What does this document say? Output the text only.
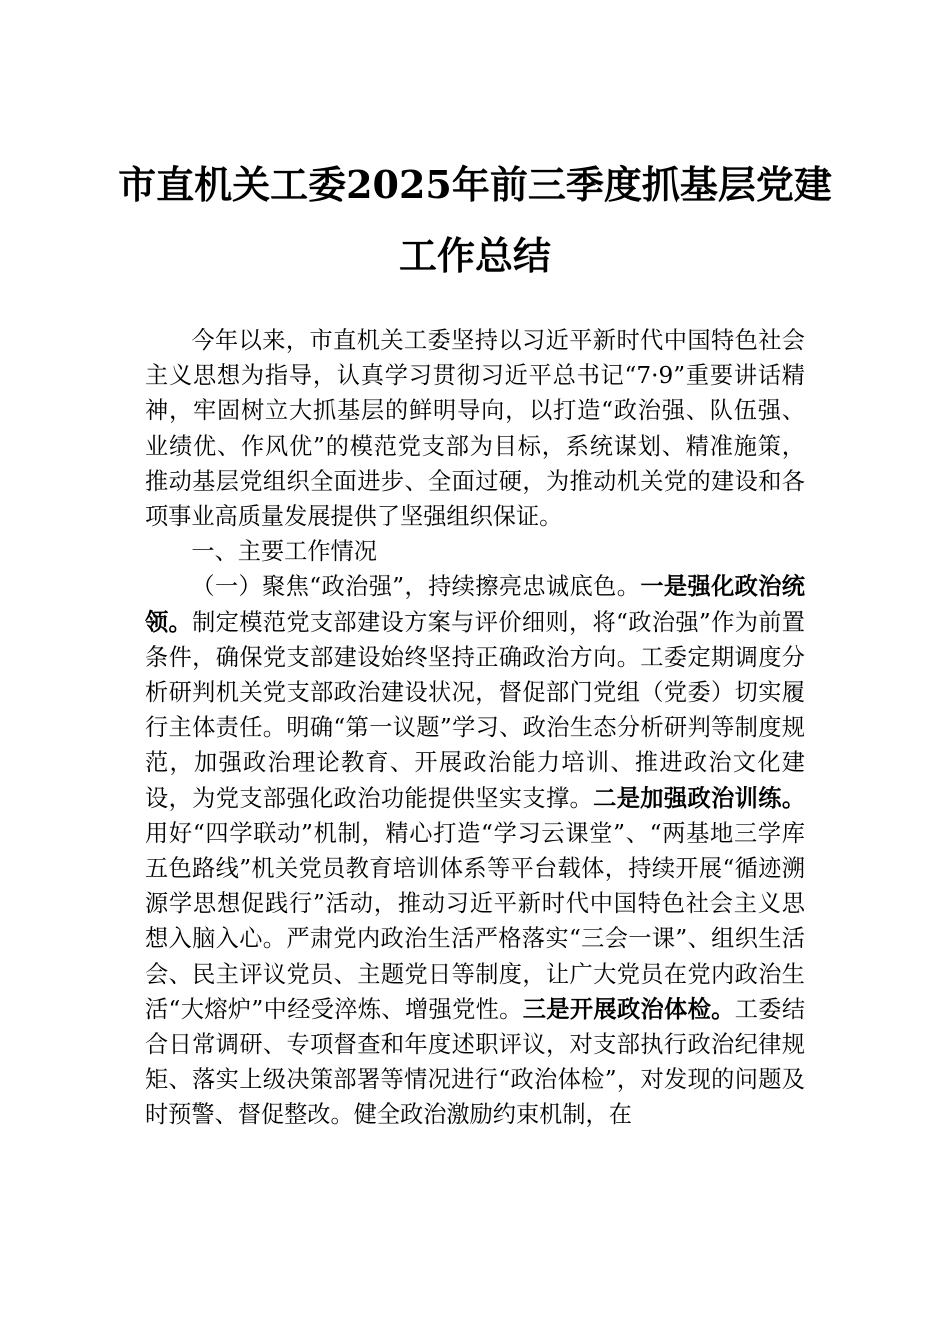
市直机关工委2025年前三季度抓基层党建
工作总结

今年以来，市直机关工委坚持以习近平新时代中国特色社会主义思想为指导，认真学习贯彻习近平总书记“7·9”重要讲话精神，牢固树立大抓基层的鲜明导向，以打造“政治强、队伍强、业绩优、作风优”的模范党支部为目标，系统谋划、精准施策，推动基层党组织全面进步、全面过硬，为推动机关党的建设和各项事业高质量发展提供了坚强组织保证。

一、主要工作情况

（一）聚焦“政治强”，持续擦亮忠诚底色。一是强化政治统领。制定模范党支部建设方案与评价细则，将“政治强”作为前置条件，确保党支部建设始终坚持正确政治方向。工委定期调度分析研判机关党支部政治建设状况，督促部门党组（党委）切实履行主体责任。明确“第一议题”学习、政治生态分析研判等制度规范，加强政治理论教育、开展政治能力培训、推进政治文化建设，为党支部强化政治功能提供坚实支撑。二是加强政治训练。用好“四学联动”机制，精心打造“学习云课堂”、“两基地三学库五色路线”机关党员教育培训体系等平台载体，持续开展“循迹溯源学思想促践行”活动，推动习近平新时代中国特色社会主义思想入脑入心。严肃党内政治生活严格落实“三会一课”、组织生活会、民主评议党员、主题党日等制度，让广大党员在党内政治生活“大熔炉”中经受淬炼、增强党性。三是开展政治体检。工委结合日常调研、专项督查和年度述职评议，对支部执行政治纪律规矩、落实上级决策部署等情况进行“政治体检”，对发现的问题及时预警、督促整改。健全政治激励约束机制，在
